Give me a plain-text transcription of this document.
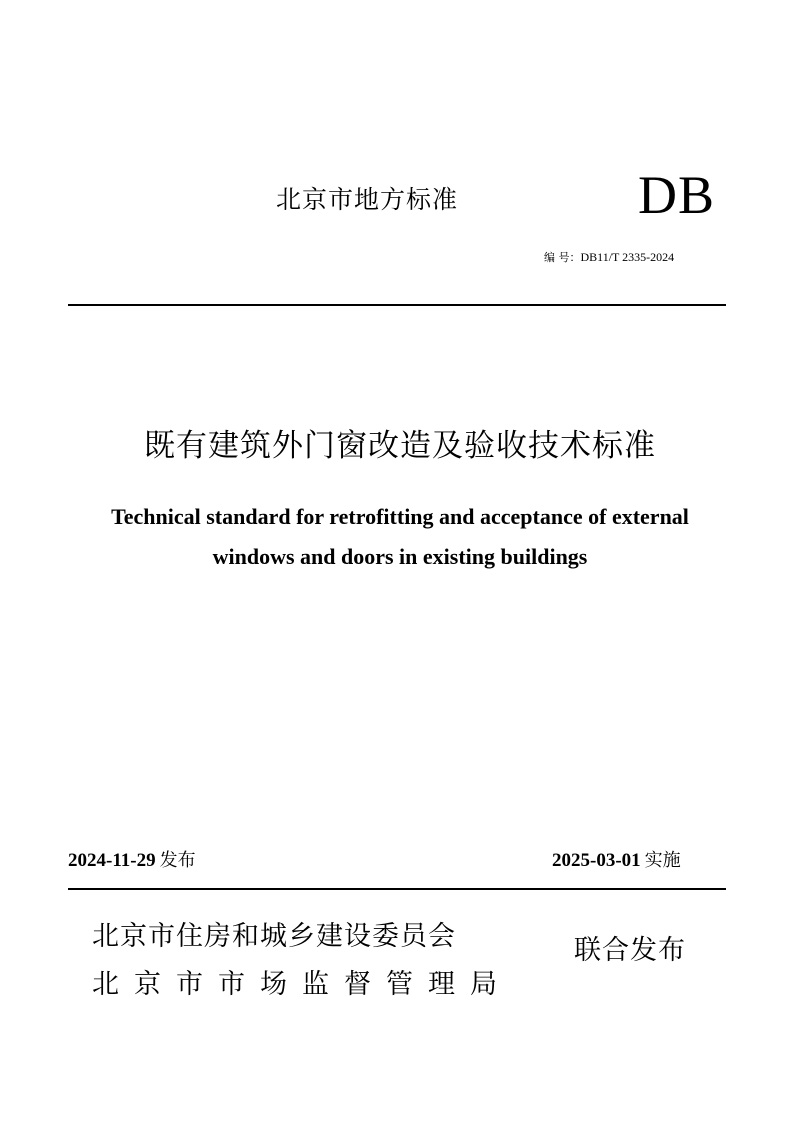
北京市地方标准	DB
编 号：DB11/T 2335-2024
既有建筑外门窗改造及验收技术标准
Technical standard for retrofitting and acceptance of external
windows and doors in existing buildings
2024-11-29 发布	2025-03-01 实施
北京市住房和城乡建设委员会
北京市市场监督管理局
联合发布
